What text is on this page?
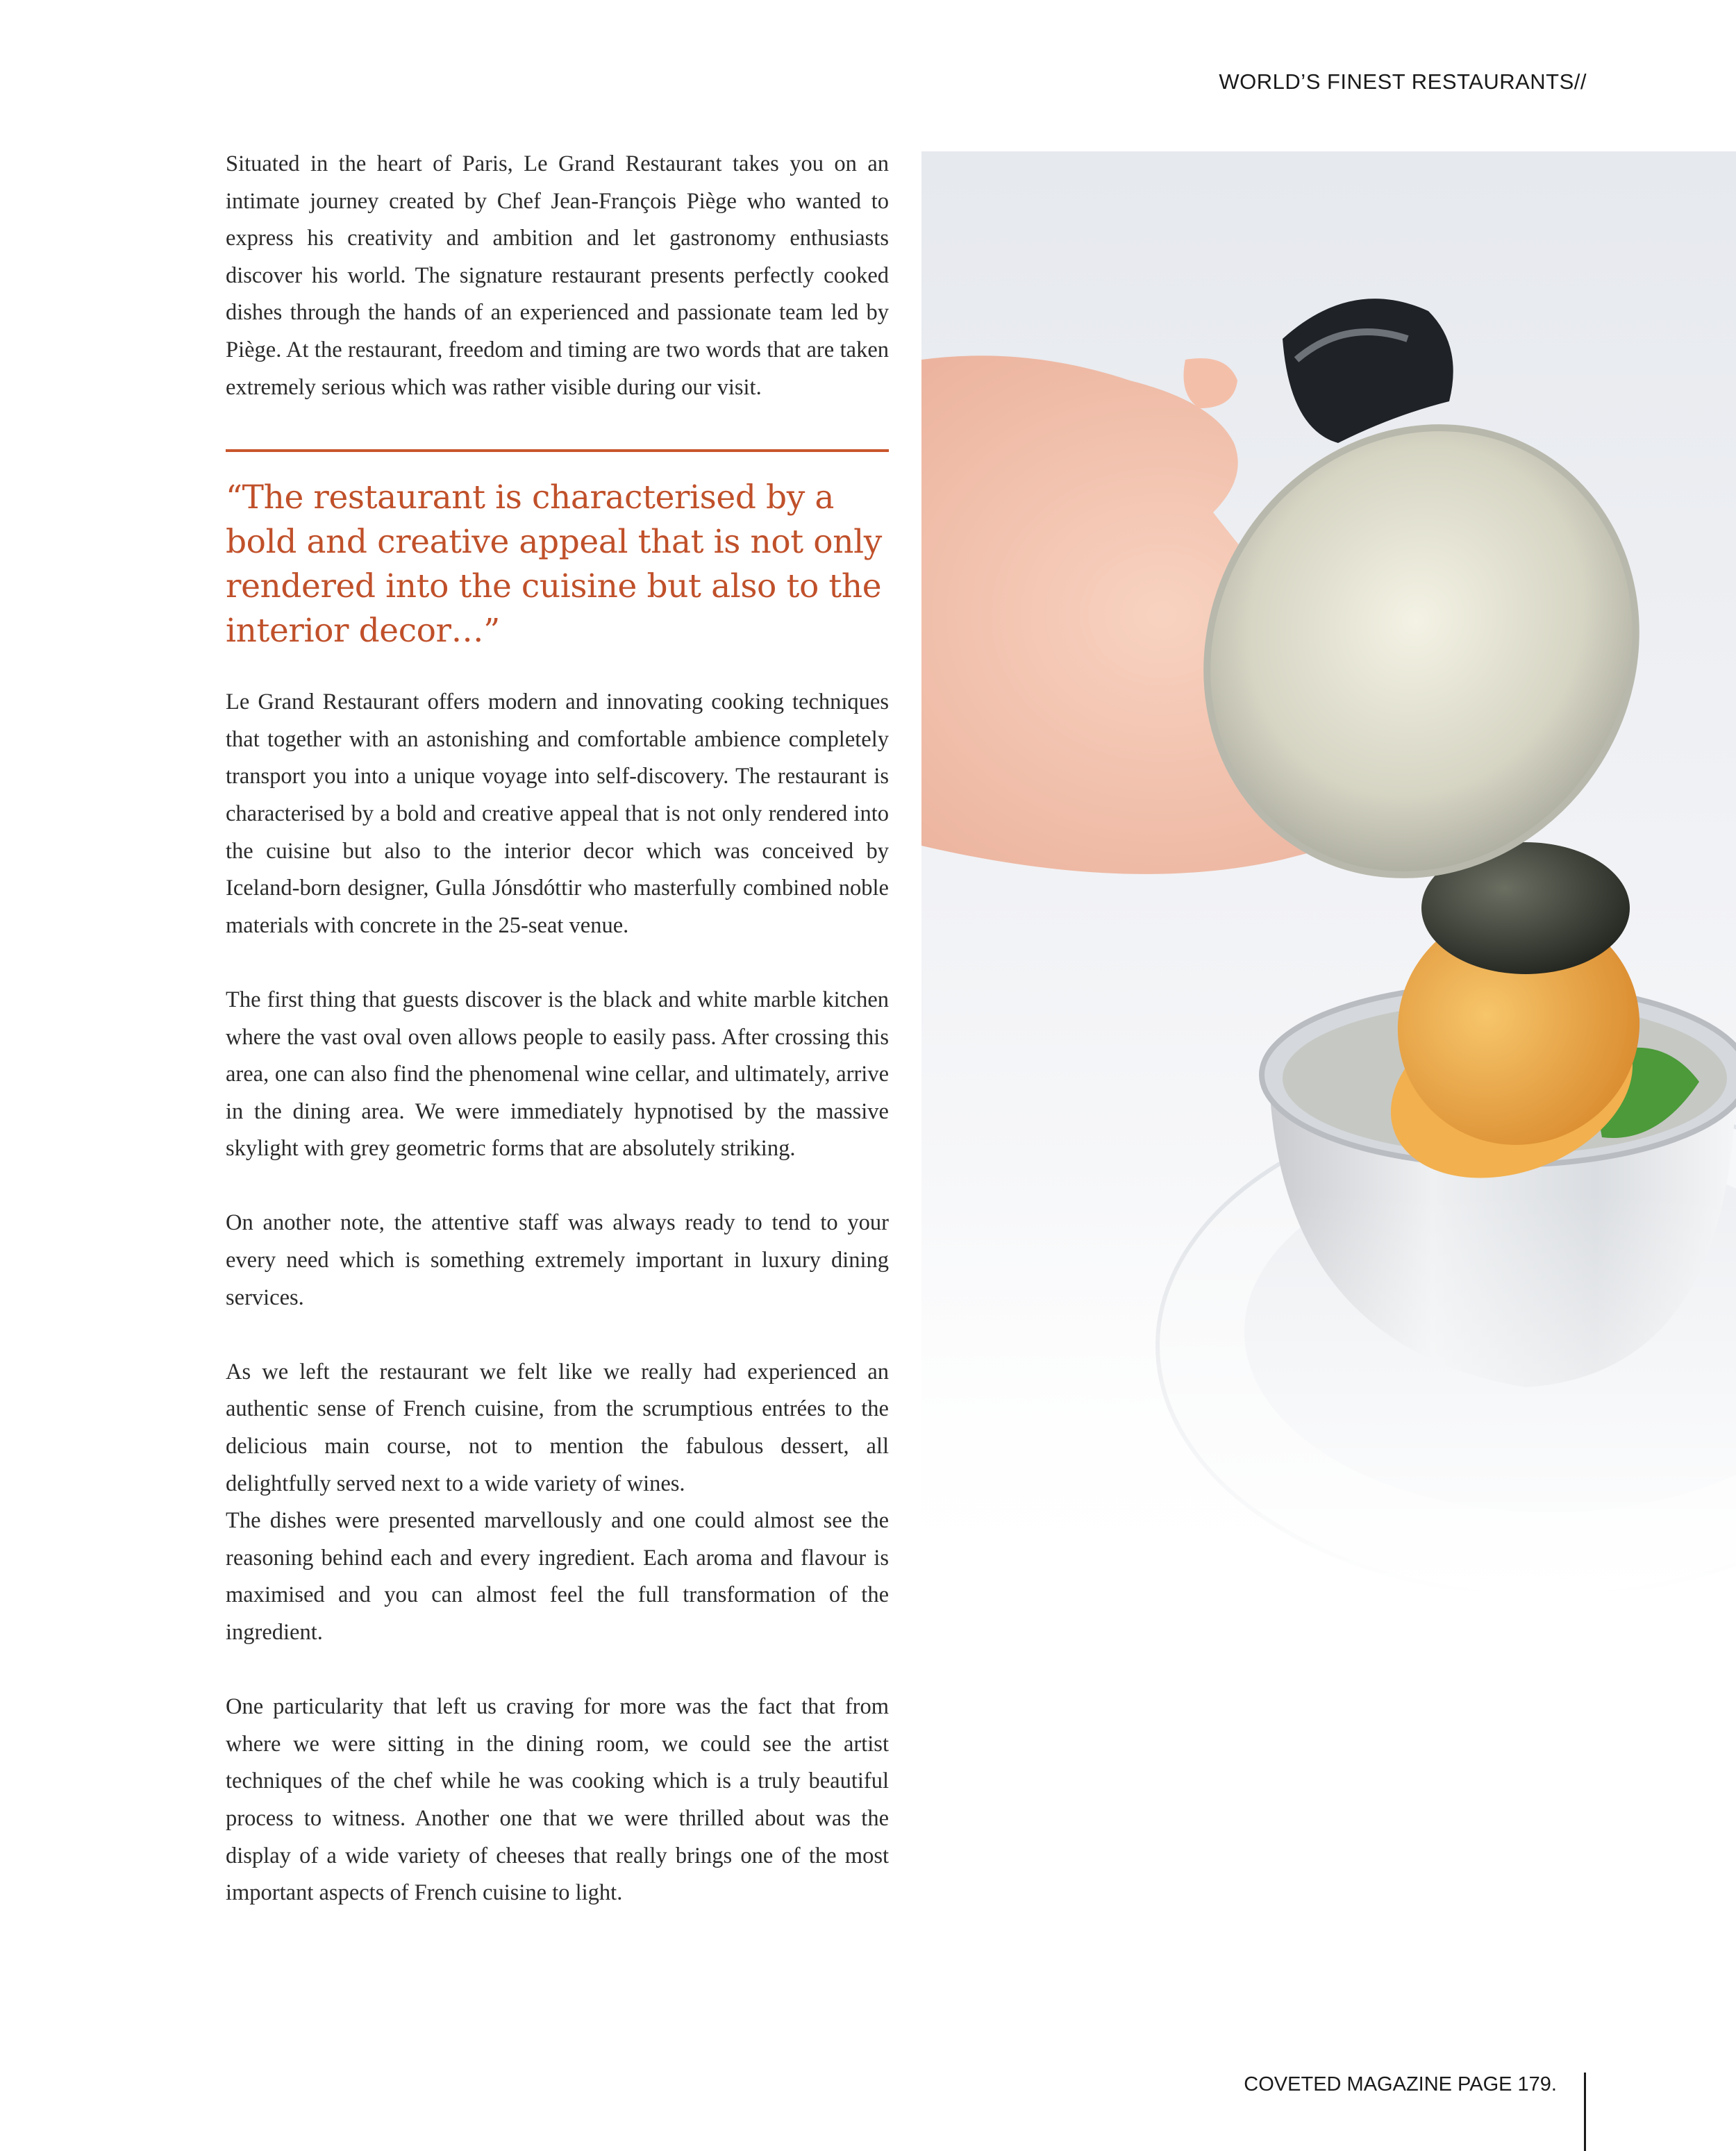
WORLD’S FINEST RESTAURANTS//

Situated in the heart of Paris, Le Grand Restaurant takes you on an intimate journey created by Chef Jean-François Piège who wanted to express his creativity and ambition and let gastronomy enthusiasts discover his world. The signature restaurant presents perfectly cooked dishes through the hands of an experienced and passionate team led by Piège. At the restaurant, freedom and timing are two words that are taken extremely serious which was rather visible during our visit.

“The restaurant is characterised by a bold and creative appeal that is not only rendered into the cuisine but also to the interior decor…”

Le Grand Restaurant offers modern and innovating cooking techniques that together with an astonishing and comfortable ambience completely transport you into a unique voyage into self-discovery. The restaurant is characterised by a bold and creative appeal that is not only rendered into the cuisine but also to the interior decor which was conceived by Iceland-born designer, Gulla Jónsdóttir who masterfully combined noble materials with concrete in the 25-seat venue.

The first thing that guests discover is the black and white marble kitchen where the vast oval oven allows people to easily pass. After crossing this area, one can also find the phenomenal wine cellar, and ultimately, arrive in the dining area. We were immediately hypnotised by the massive skylight with grey geometric forms that are absolutely striking.

On another note, the attentive staff was always ready to tend to your every need which is something extremely important in luxury dining services.

As we left the restaurant we felt like we really had experienced an authentic sense of French cuisine, from the scrumptious entrées to the delicious main course, not to mention the fabulous dessert, all delightfully served next to a wide variety of wines.

The dishes were presented marvellously and one could almost see the reasoning behind each and every ingredient. Each aroma and flavour is maximised and you can almost feel the full transformation of the ingredient.

One particularity that left us craving for more was the fact that from where we were sitting in the dining room, we could see the artist techniques of the chef while he was cooking which is a truly beautiful process to witness. Another one that we were thrilled about was the display of a wide variety of cheeses that really brings one of the most important aspects of French cuisine to light.

COVETED MAGAZINE PAGE 179.
